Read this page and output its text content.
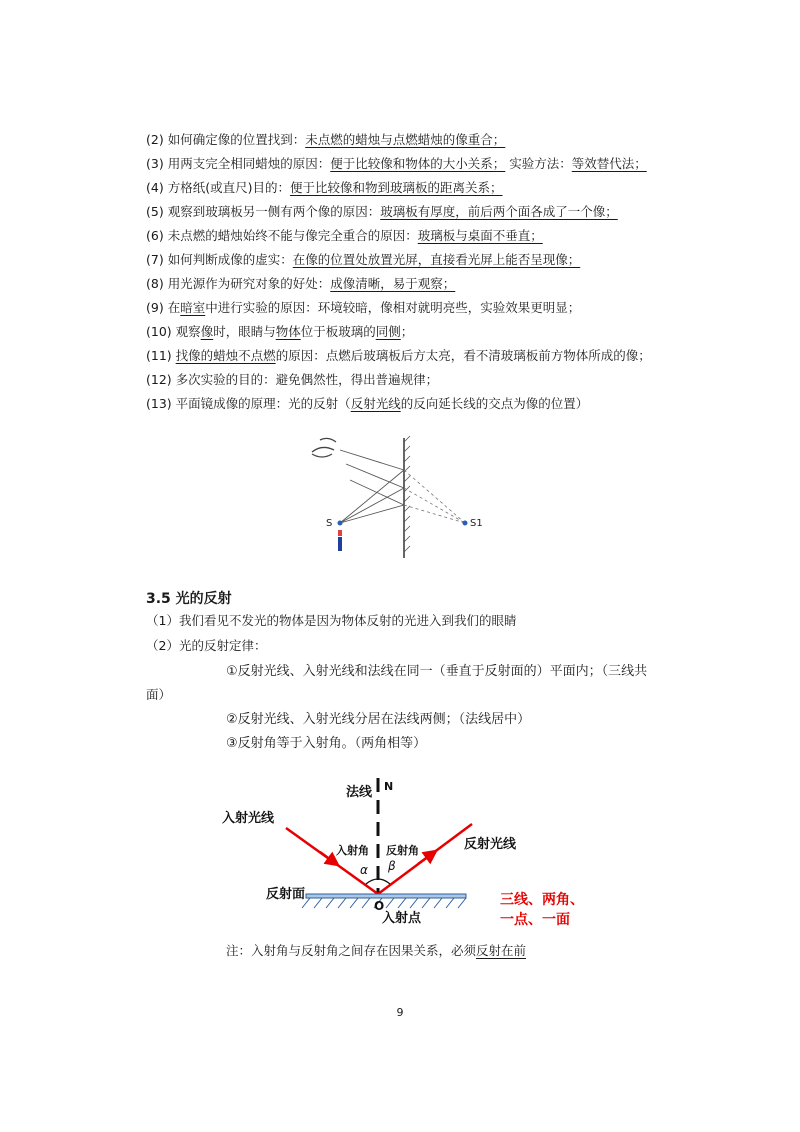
(2) 如何确定像的位置找到：未点燃的蜡烛与点燃蜡烛的像重合；
(3) 用两支完全相同蜡烛的原因：便于比较像和物体的大小关系； 实验方法：等效替代法；
(4) 方格纸(或直尺)目的：便于比较像和物到玻璃板的距离关系；
(5) 观察到玻璃板另一侧有两个像的原因：玻璃板有厚度，前后两个面各成了一个像；
(6) 未点燃的蜡烛始终不能与像完全重合的原因：玻璃板与桌面不垂直；
(7) 如何判断成像的虚实：在像的位置处放置光屏，直接看光屏上能否呈现像；
(8) 用光源作为研究对象的好处：成像清晰，易于观察；
(9) 在暗室中进行实验的原因：环境较暗，像相对就明亮些，实验效果更明显；
(10) 观察像时，眼睛与物体位于板玻璃的同侧；
(11) 找像的蜡烛不点燃的原因：点燃后玻璃板后方太亮，看不清玻璃板前方物体所成的像；
(12) 多次实验的目的：避免偶然性，得出普遍规律；
(13) 平面镜成像的原理：光的反射（反射光线的反向延长线的交点为像的位置）
S	S1
3.5 光的反射
（1）我们看见不发光的物体是因为物体反射的光进入到我们的眼睛
（2）光的反射定律：
①反射光线、入射光线和法线在同一（垂直于反射面的）平面内；（三线共
面）
②反射光线、入射光线分居在法线两侧；（法线居中）
③反射角等于入射角。（两角相等）
法线 N
入射光线
反射光线
入射角 反射角
α β
反射面
O
入射点
三线、两角、
一点、一面
注：入射角与反射角之间存在因果关系，必须反射在前
9
